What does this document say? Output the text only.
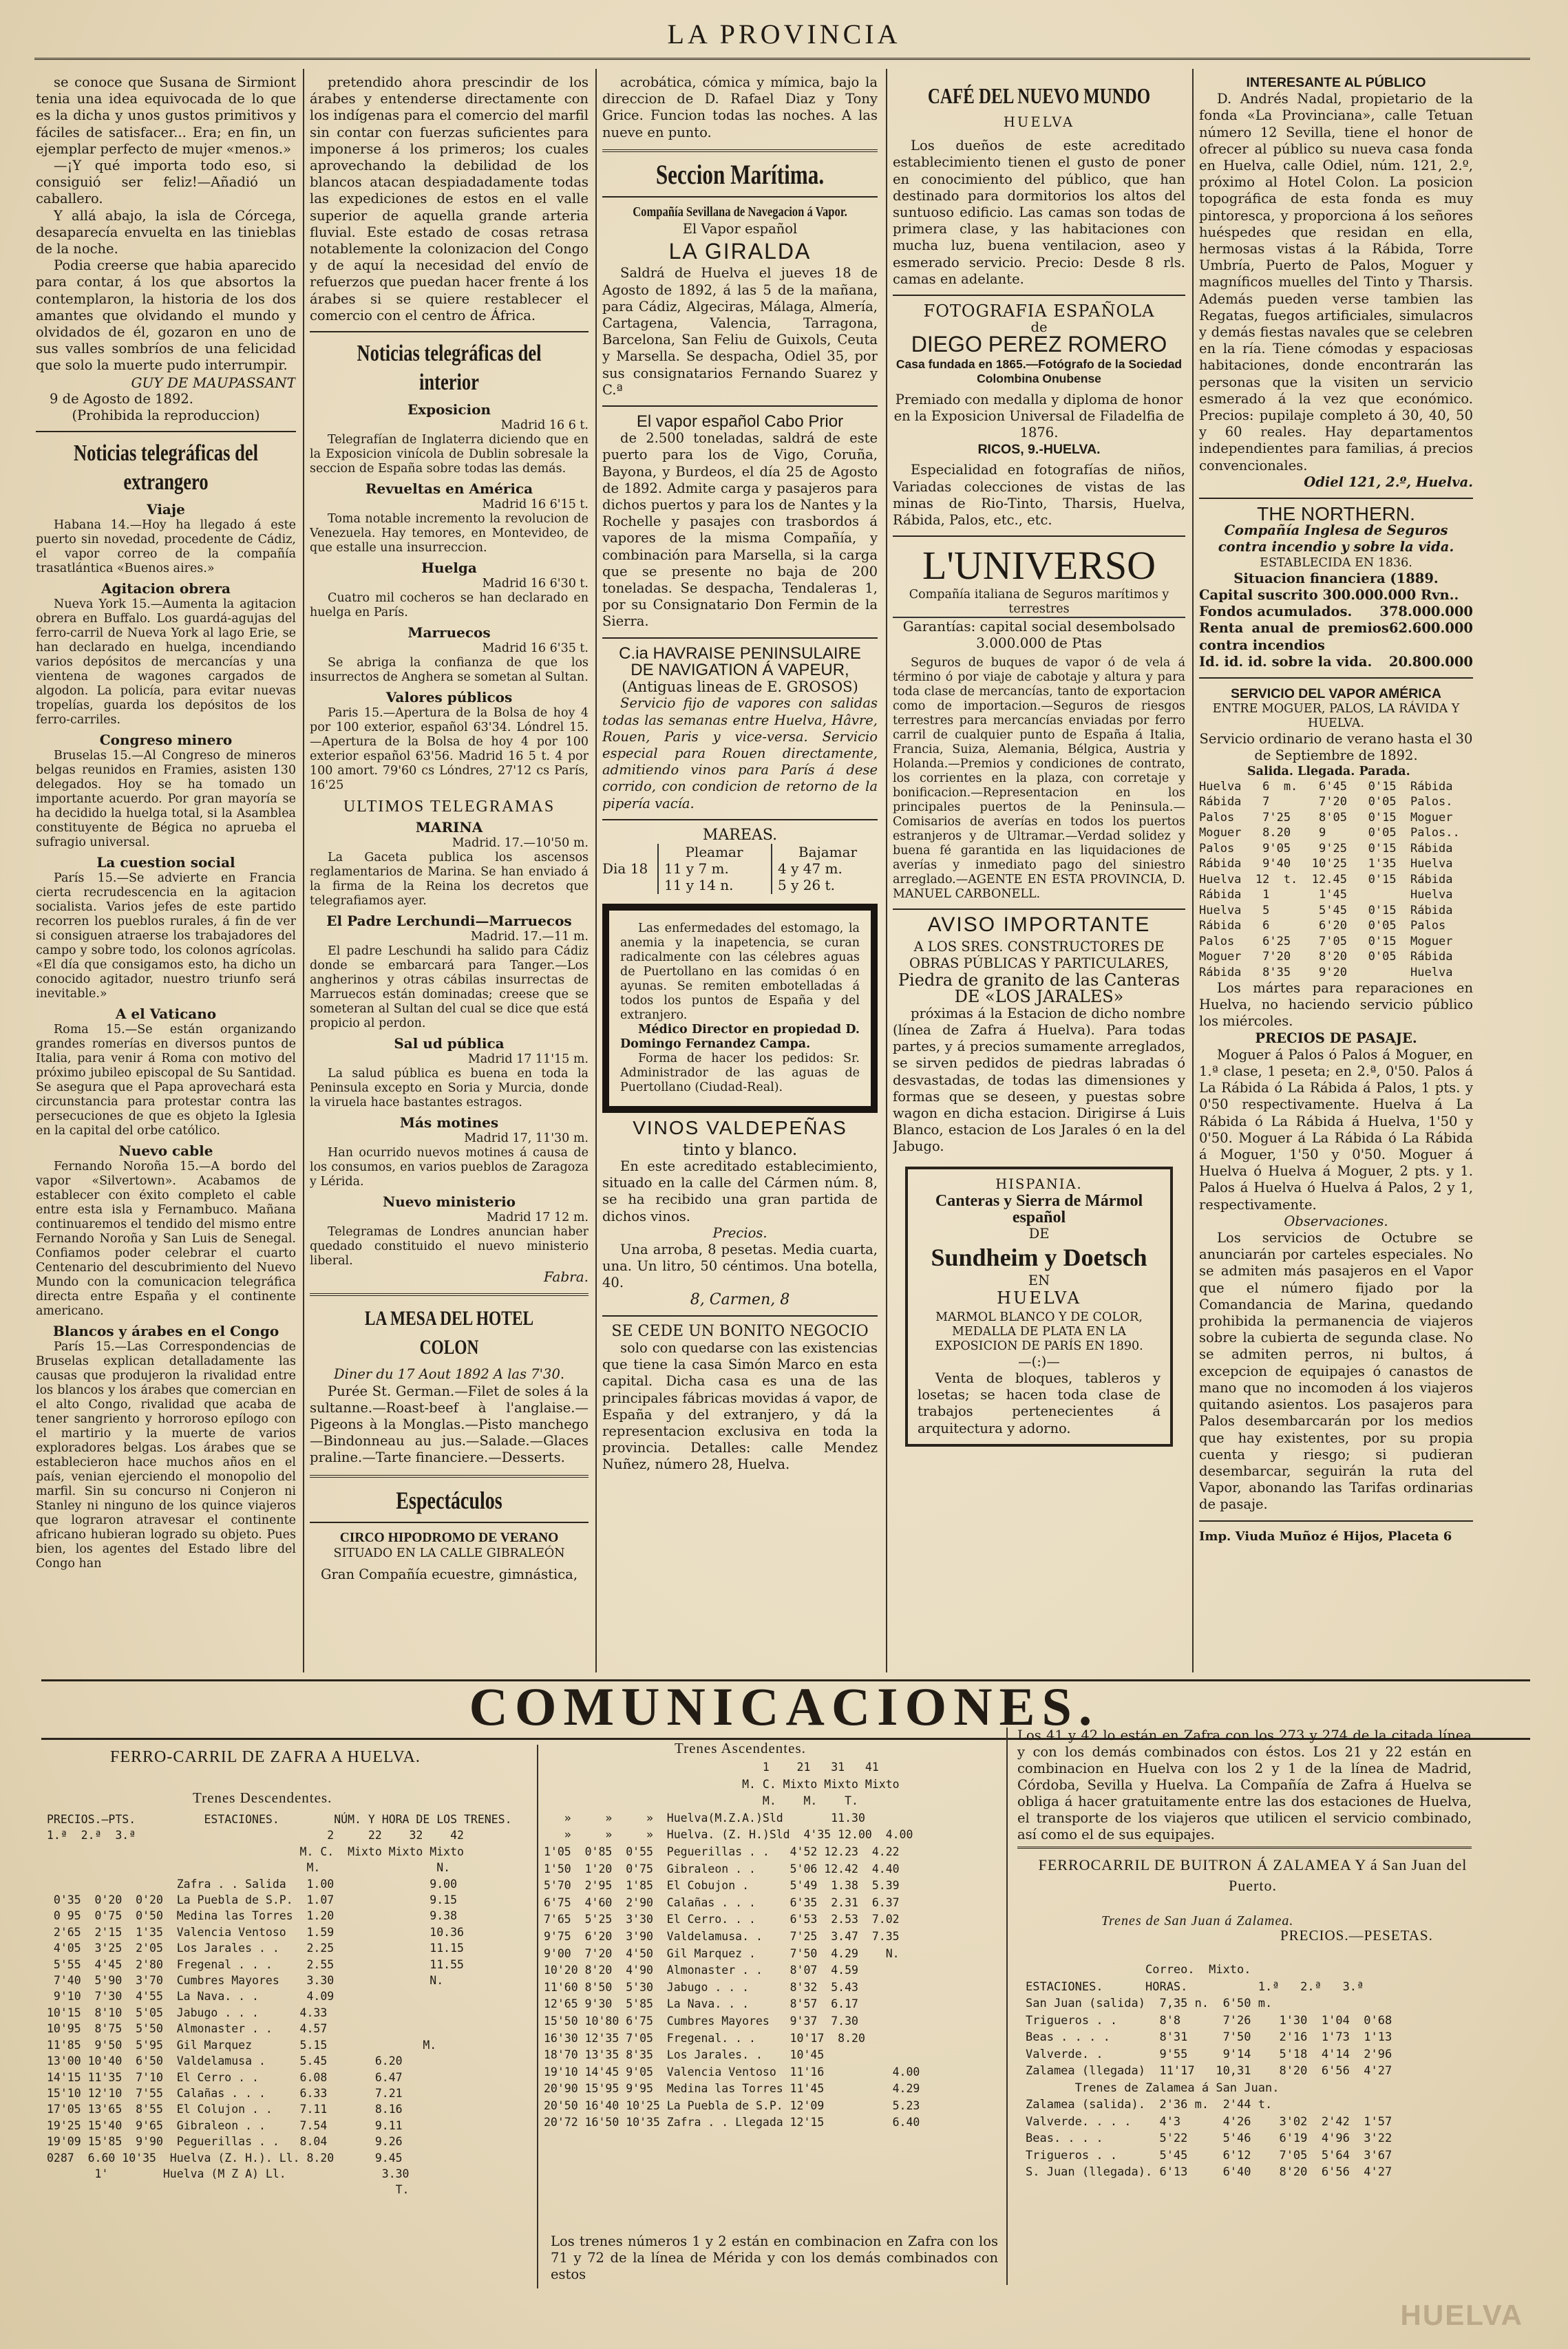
LA PROVINCIA

se conoce que Susana de Sirmiont tenia una idea equivocada de lo que es la dicha y unos gustos primitivos y fáciles de satisfacer... Era; en fin, un ejemplar perfecto de mujer «menos.»

—¡Y qué importa todo eso, si consiguió ser feliz!—Añadió un caballero.

Y allá abajo, la isla de Córcega, desaparecía envuelta en las tinieblas de la noche.

Podia creerse que habia aparecido para contar, á los que absortos la contemplaron, la historia de los dos amantes que olvidando el mundo y olvidados de él, gozaron en uno de sus valles sombríos de una felicidad que solo la muerte pudo interrumpir.

GUY DE MAUPASSANT
9 de Agosto de 1892.
(Prohibida la reproduccion)
Noticias telegráficas del extrangero
Viaje

Habana 14.—Hoy ha llegado á este puerto sin novedad, procedente de Cádiz, el vapor correo de la compañía trasatlántica «Buenos aires.»

Agitacion obrera

Nueva York 15.—Aumenta la agitacion obrera en Buffalo. Los guardá-agujas del ferro-carril de Nueva York al lago Erie, se han declarado en huelga, incendiando varios depósitos de mercancías y una vientena de wagones cargados de algodon. La policía, para evitar nuevas tropelías, guarda los depósitos de los ferro-carriles.

Congreso minero

Bruselas 15.—Al Congreso de mineros belgas reunidos en Framies, asisten 130 delegados. Hoy se ha tomado un importante acuerdo. Por gran mayoría se ha decidido la huelga total, si la Asamblea constituyente de Bégica no aprueba el sufragio universal.

La cuestion social

París 15.—Se advierte en Francia cierta recrudescencia en la agitacion socialista. Varios jefes de este partido recorren los pueblos rurales, á fin de ver si consiguen atraerse los trabajadores del campo y sobre todo, los colonos agrícolas. «El día que consigamos esto, ha dicho un conocido agitador, nuestro triunfo será inevitable.»

A el Vaticano

Roma 15.—Se están organizando grandes romerías en diversos puntos de Italia, para venir á Roma con motivo del próximo jubileo episcopal de Su Santidad. Se asegura que el Papa aprovechará esta circunstancia para protestar contra las persecuciones de que es objeto la Iglesia en la capital del orbe católico.

Nuevo cable

Fernando Noroña 15.—A bordo del vapor «Silvertown». Acabamos de establecer con éxito completo el cable entre esta isla y Fernambuco. Mañana continuaremos el tendido del mismo entre Fernando Noroña y San Luis de Senegal. Confiamos poder celebrar el cuarto Centenario del descubrimiento del Nuevo Mundo con la comunicacion telegráfica directa entre España y el continente americano.

Blancos y árabes en el Congo

París 15.—Las Correspondencias de Bruselas explican detalladamente las causas que produjeron la rivalidad entre los blancos y los árabes que comercian en el alto Congo, rivalidad que acaba de tener sangriento y horroroso epílogo con el martirio y la muerte de varios exploradores belgas. Los árabes que se establecieron hace muchos años en el país, venian ejerciendo el monopolio del marfil. Sin su concurso ni Conjeron ni Stanley ni ninguno de los quince viajeros que lograron atravesar el continente africano hubieran logrado su objeto. Pues bien, los agentes del Estado libre del Congo han

pretendido ahora prescindir de los árabes y entenderse directamente con los indígenas para el comercio del marfil sin contar con fuerzas suficientes para imponerse á los primeros; los cuales aprovechando la debilidad de los blancos atacan despiadadamente todas las expediciones de estos en el valle superior de aquella grande arteria fluvial. Este estado de cosas retrasa notablemente la colonizacion del Congo y de aquí la necesidad del envío de refuerzos que puedan hacer frente á los árabes si se quiere restablecer el comercio con el centro de África.

Noticias telegráficas del interior
Exposicion
Madrid 16 6 t.

Telegrafían de Inglaterra diciendo que en la Exposicion vinícola de Dublin sobresale la seccion de España sobre todas las demás.

Revueltas en América
Madrid 16 6'15 t.

Toma notable incremento la revolucion de Venezuela. Hay temores, en Montevideo, de que estalle una insurreccion.

Huelga
Madrid 16 6'30 t.

Cuatro mil cocheros se han declarado en huelga en París.

Marruecos
Madrid 16 6'35 t.

Se abriga la confianza de que los insurrectos de Anghera se sometan al Sultan.

Valores públicos

Paris 15.—Apertura de la Bolsa de hoy 4 por 100 exterior, español 63'34. Lóndrel 15.—Apertura de la Bolsa de hoy 4 por 100 exterior español 63'56. Madrid 16 5 t. 4 por 100 amort. 79'60 cs Lóndres, 27'12 cs París, 16'25

ULTIMOS TELEGRAMAS
MARINA
Madrid. 17.—10'50 m.

La Gaceta publica los ascensos reglamentarios de Marina. Se han enviado á la firma de la Reina los decretos que telegrafiamos ayer.

El Padre Lerchundi—Marruecos
Madrid. 17.—11 m.

El padre Leschundi ha salido para Cádiz donde se embarcará para Tanger.—Los angherinos y otras cábilas insurrectas de Marruecos están dominadas; creese que se someteran al Sultan del cual se dice que está propicio al perdon.

Sal ud pública
Madrid 17 11'15 m.

La salud pública es buena en toda la Peninsula excepto en Soria y Murcia, donde la viruela hace bastantes estragos.

Más motines
Madrid 17, 11'30 m.

Han ocurrido nuevos motines á causa de los consumos, en varios pueblos de Zaragoza y Lérida.

Nuevo ministerio
Madrid 17 12 m.

Telegramas de Londres anuncian haber quedado constituido el nuevo ministerio liberal.

Fabra.
LA MESA DEL HOTEL COLON
Diner du 17 Aout 1892 A las 7'30.

Purée St. German.—Filet de soles á la sultanne.—Roast-beef à l'anglaise.—Pigeons à la Monglas.—Pisto manchego—Bindonneau au jus.—Salade.—Glaces praline.—Tarte financiere.—Desserts.

Espectáculos
CIRCO HIPODROMO DE VERANO
SITUADO EN LA CALLE GIBRALEÓN
Gran Compañía ecuestre, gimnástica,

acrobática, cómica y mímica, bajo la direccion de D. Rafael Diaz y Tony Grice. Funcion todas las noches. A las nueve en punto.

Seccion Marítima.
Compañía Sevillana de Navegacion á Vapor.
El Vapor español
LA GIRALDA

Saldrá de Huelva el jueves 18 de Agosto de 1892, á las 5 de la mañana, para Cádiz, Algeciras, Málaga, Almería, Cartagena, Valencia, Tarragona, Barcelona, San Feliu de Guixols, Ceuta y Marsella. Se despacha, Odiel 35, por sus consignatarios Fernando Suarez y C.ª

El vapor español Cabo Prior

de 2.500 toneladas, saldrá de este puerto para los de Vigo, Coruña, Bayona, y Burdeos, el día 25 de Agosto de 1892. Admite carga y pasajeros para dichos puertos y para los de Nantes y la Rochelle y pasajes con trasbordos á vapores de la misma Compañía, y combinación para Marsella, si la carga que se presente no baja de 200 toneladas. Se despacha, Tendaleras 1, por su Consignatario Don Fermin de la Sierra.

C.ia HAVRAISE PENINSULAIRE
DE NAVIGATION Á VAPEUR,
(Antiguas lineas de E. GROSOS)

Servicio fijo de vapores con salidas todas las semanas entre Huelva, Hâvre, Rouen, Paris y vice-versa. Servicio especial para Rouen directamente, admitiendo vinos para París á dese corrido, con condicion de retorno de la pipería vacía.

MAREAS.
Dia 18
Pleamar
11 y 7 m.
11 y 14 n.
Bajamar
4 y 47 m.
5 y 26 t.

Las enfermedades del estomago, la anemia y la inapetencia, se curan radicalmente con las célebres aguas de Puertollano en las comidas ó en ayunas. Se remiten embotelladas á todos los puntos de España y del extranjero.

Médico Director en propiedad D. Domingo Fernandez Campa.

Forma de hacer los pedidos: Sr. Administrador de las aguas de Puertollano (Ciudad-Real).

VINOS VALDEPEÑAS
tinto y blanco.

En este acreditado establecimiento, situado en la calle del Cármen núm. 8, se ha recibido una gran partida de dichos vinos.

Precios.

Una arroba, 8 pesetas. Media cuarta, una. Un litro, 50 céntimos. Una botella, 40.

8, Carmen, 8
SE CEDE UN BONITO NEGOCIO

solo con quedarse con las existencias que tiene la casa Simón Marco en esta capital. Dicha casa es una de las principales fábricas movidas á vapor, de España y del extranjero, y dá la representacion exclusiva en toda la provincia. Detalles: calle Mendez Nuñez, número 28, Huelva.

CAFÉ DEL NUEVO MUNDO
HUELVA

Los dueños de este acreditado establecimiento tienen el gusto de poner en conocimiento del público, que han destinado para dormitorios los altos del suntuoso edificio. Las camas son todas de primera clase, y las habitaciones con mucha luz, buena ventilacion, aseo y esmerado servicio. Precio: Desde 8 rls. camas en adelante.

FOTOGRAFIA ESPAÑOLA
de
DIEGO PEREZ ROMERO
Casa fundada en 1865.—Fotógrafo de la Sociedad Colombina Onubense
Premiado con medalla y diploma de honor en la Exposicion Universal de Filadelfia de 1876.
RICOS, 9.-HUELVA.

Especialidad en fotografías de niños, Variadas colecciones de vistas de las minas de Rio-Tinto, Tharsis, Huelva, Rábida, Palos, etc., etc.

L'UNIVERSO
Compañía italiana de Seguros marítimos y terrestres
Garantías: capital social desembolsado 3.000.000 de Ptas

Seguros de buques de vapor ó de vela á término ó por viaje de cabotaje y altura y para toda clase de mercancías, tanto de exportacion como de importacion.—Seguros de riesgos terrestres para mercancías enviadas por ferro carril de cualquier punto de España á Italia, Francia, Suiza, Alemania, Bélgica, Austria y Holanda.—Premios y condiciones de contrato, los corrientes en la plaza, con corretaje y bonificacion.—Representacion en los principales puertos de la Peninsula.—Comisarios de averías en todos los puertos estranjeros y de Ultramar.—Verdad solidez y buena fé garantida en las liquidaciones de averías y inmediato pago del siniestro arreglado.—AGENTE EN ESTA PROVINCIA, D. MANUEL CARBONELL.

AVISO IMPORTANTE
A LOS SRES. CONSTRUCTORES DE OBRAS PÚBLICAS Y PARTICULARES,
Piedra de granito de las Canteras DE «LOS JARALES»

próximas á la Estacion de dicho nombre (línea de Zafra á Huelva). Para todas partes, y á precios sumamente arreglados, se sirven pedidos de piedras labradas ó desvastadas, de todas las dimensiones y formas que se deseen, y puestas sobre wagon en dicha estacion. Dirigirse á Luis Blanco, estacion de Los Jarales ó en la del Jabugo.

HISPANIA.
Canteras y Sierra de Mármol español
DE
Sundheim y Doetsch
EN
HUELVA
MARMOL BLANCO Y DE COLOR, MEDALLA DE PLATA EN LA EXPOSICION DE PARÍS EN 1890.
—(:)—

Venta de bloques, tableros y losetas; se hacen toda clase de trabajos pertenecientes á arquitectura y adorno.

INTERESANTE AL PÚBLICO

D. Andrés Nadal, propietario de la fonda «La Provinciana», calle Tetuan número 12 Sevilla, tiene el honor de ofrecer al público su nueva casa fonda en Huelva, calle Odiel, núm. 121, 2.º, próximo al Hotel Colon. La posicion topográfica de esta fonda es muy pintoresca, y proporciona á los señores huéspedes que residan en ella, hermosas vistas á la Rábida, Torre Umbría, Puerto de Palos, Moguer y magníficos muelles del Tinto y Tharsis. Además pueden verse tambien las Regatas, fuegos artificiales, simulacros y demás fiestas navales que se celebren en la ría. Tiene cómodas y espaciosas habitaciones, donde encontrarán las personas que la visiten un servicio esmerado á la vez que económico. Precios: pupilaje completo á 30, 40, 50 y 60 reales. Hay departamentos independientes para familias, á precios convencionales.

Odiel 121, 2.º, Huelva.
THE NORTHERN.
Compañía Inglesa de Seguros contra incendio y sobre la vida.
ESTABLECIDA EN 1836.
Situacion financiera (1889.
Capital suscrito 300.000.000 Rvn..
Fondos acumulados. 378.000.000
Renta anual de premios contra incendios
62.600.000
Id. id. id. sobre la vida. 20.800.000
SERVICIO DEL VAPOR AMÉRICA
ENTRE MOGUER, PALOS, LA RÁVIDA Y HUELVA.
Servicio ordinario de verano hasta el 30 de Septiembre de 1892.
Salida. Llegada. Parada.
Huelva   6  m.   6'45   0'15  Rábida
Rábida   7       7'20   0'05  Palos.
Palos    7'25    8'05   0'15  Moguer
Moguer   8.20    9      0'05  Palos..
Palos    9'05    9'25   0'15  Rábida
Rábida   9'40   10'25   1'35  Huelva
Huelva  12  t.  12.45   0'15  Rábida
Rábida   1       1'45         Huelva
Huelva   5       5'45   0'15  Rábida
Rábida   6       6'20   0'05  Palos
Palos    6'25    7'05   0'15  Moguer
Moguer   7'20    8'20   0'05  Rábida
Rábida   8'35    9'20         Huelva

Los mártes para reparaciones en Huelva, no haciendo servicio público los miércoles.

PRECIOS DE PASAJE.

Moguer á Palos ó Palos á Moguer, en 1.ª clase, 1 peseta; en 2.ª, 0'50. Palos á La Rábida ó La Rábida á Palos, 1 pts. y 0'50 respectivamente. Huelva á La Rábida ó La Rábida á Huelva, 1'50 y 0'50. Moguer á La Rábida ó La Rábida á Moguer, 1'50 y 0'50. Moguer á Huelva ó Huelva á Moguer, 2 pts. y 1. Palos á Huelva ó Huelva á Palos, 2 y 1, respectivamente.

Observaciones.

Los servicios de Octubre se anunciarán por carteles especiales. No se admiten más pasajeros en el Vapor que el número fijado por la Comandancia de Marina, quedando prohibida la permanencia de viajeros sobre la cubierta de segunda clase. No se admiten perros, ni bultos, á excepcion de equipajes ó canastos de mano que no incomoden á los viajeros quitando asientos. Los pasajeros para Palos desembarcarán por los medios que hay existentes, por su propia cuenta y riesgo; si pudieran desembarcar, seguirán la ruta del Vapor, abonando las Tarifas ordinarias de pasaje.

Imp. Viuda Muñoz é Hijos, Placeta 6
COMUNICACIONES.
FERRO-CARRIL DE ZAFRA A HUELVA.
Trenes Descendentes.
PRECIOS.—PTS.          ESTACIONES.        NÚM. Y HORA DE LOS TRENES.
1.ª  2.ª  3.ª                            2     22    32    42
M. C.  Mixto Mixto Mixto
M.                 N.
Zafra . . Salida   1.00              9.00
0'35  0'20  0'20  La Puebla de S.P.  1.07              9.15
0 95  0'75  0'50  Medina las Torres  1.20              9.38
2'65  2'15  1'35  Valencia Ventoso   1.59              10.36
4'05  3'25  2'05  Los Jarales . .    2.25              11.15
5'55  4'45  2'80  Fregenal . . .     2.55              11.55
7'40  5'90  3'70  Cumbres Mayores    3.30              N.
9'10  7'30  4'55  La Nava. . .       4.09
10'15  8'10  5'05  Jabugo . . .      4.33
10'95  8'75  5'50  Almonaster . .    4.57
11'85  9'50  5'95  Gil Marquez       5.15              M.
13'00 10'40  6'50  Valdelamusa .     5.45       6.20
14'15 11'35  7'10  El Cerro . .      6.08       6.47
15'10 12'10  7'55  Calañas . . .     6.33       7.21
17'05 13'65  8'55  El Colujon . .    7.11       8.16
19'25 15'40  9'65  Gibraleon . .     7.54       9.11
19'09 15'85  9'90  Peguerillas . .   8.04       9.26
0287  6.60 10'35  Huelva (Z. H.). Ll. 8.20      9.45
1'        Huelva (M Z A) Ll.              3.30
T.
Trenes Ascendentes.
1    21   31   41
M. C. Mixto Mixto Mixto
M.    M.    T.
»     »     »  Huelva(M.Z.A.)Sld       11.30
»     »     »  Huelva. (Z. H.)Sld  4'35 12.00  4.00
1'05  0'85  0'55  Peguerillas . .   4'52 12.23  4.22
1'50  1'20  0'75  Gibraleon . .     5'06 12.42  4.40
5'70  2'95  1'85  El Cobujon .      5'49  1.38  5.39
6'75  4'60  2'90  Calañas . . .     6'35  2.31  6.37
7'65  5'25  3'30  El Cerro. . .     6'53  2.53  7.02
9'75  6'20  3'90  Valdelamusa. .    7'25  3.47  7.35
9'00  7'20  4'50  Gil Marquez .     7'50  4.29    N.
10'20 8'20  4'90  Almonaster . .    8'07  4.59
11'60 8'50  5'30  Jabugo . . .      8'32  5.43
12'65 9'30  5'85  La Nava. . .      8'57  6.17
15'50 10'80 6'75  Cumbres Mayores   9'37  7.30
16'30 12'35 7'05  Fregenal. . .     10'17  8.20
18'70 13'35 8'35  Los Jarales. .    10'45
19'10 14'45 9'05  Valencia Ventoso  11'16          4.00
20'90 15'95 9'95  Medina las Torres 11'45          4.29
20'50 16'40 10'25 La Puebla de S.P. 12'09          5.23
20'72 16'50 10'35 Zafra . . Llegada 12'15          6.40
Los trenes números 1 y 2 están en combinacion en Zafra con los 71 y 72 de la línea de Mérida y con los demás combinados con estos
Los 41 y 42 lo están en Zafra con los 273 y 274 de la citada línea y con los demás combinados con éstos. Los 21 y 22 están en combinacion en Huelva con los 2 y 1 de la línea de Madrid, Córdoba, Sevilla y Huelva. La Compañía de Zafra á Huelva se obliga á hacer gratuitamente entre las dos estaciones de Huelva, el transporte de los viajeros que utilicen el servicio combinado, así como el de sus equipajes.
FERROCARRIL DE BUITRON Á ZALAMEA Y á San Juan del Puerto.
Trenes de San Juan á Zalamea.
PRECIOS.—PESETAS.
Correo.  Mixto.
ESTACIONES.      HORAS.          1.ª   2.ª   3.ª
San Juan (salida)  7,35 n.  6'50 m.
Trigueros . .      8'8      7'26    1'30  1'04  0'68
Beas . . . .       8'31     7'50    2'16  1'73  1'13
Valverde. .        9'55     9'14    5'18  4'14  2'96
Zalamea (llegada)  11'17   10,31    8'20  6'56  4'27
Trenes de Zalamea á San Juan.
Zalamea (salida).  2'36 m.  2'44 t.
Valverde. . . .    4'3      4'26    3'02  2'42  1'57
Beas. . . .        5'22     5'46    6'19  4'96  3'22
Trigueros . .      5'45     6'12    7'05  5'64  3'67
S. Juan (llegada). 6'13     6'40    8'20  6'56  4'27
HUELVA
